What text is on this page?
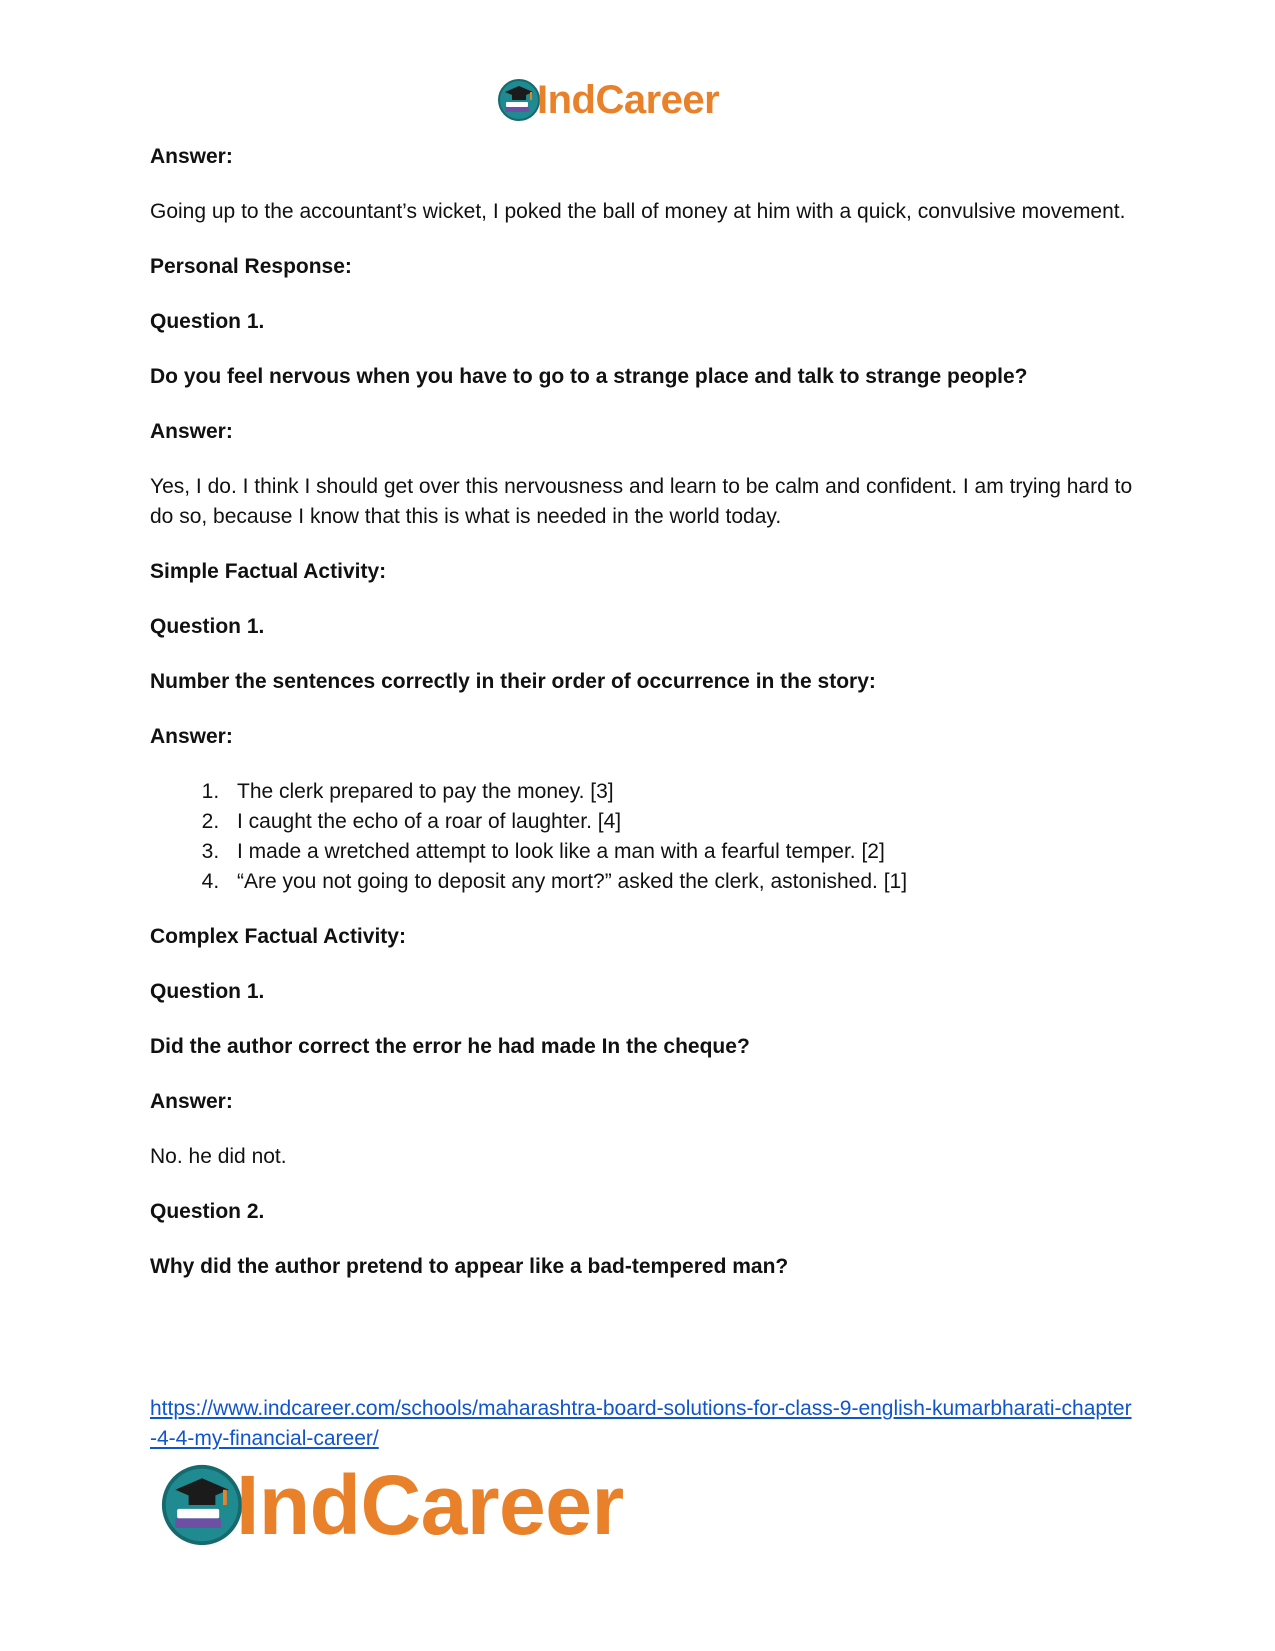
IndCareer

Answer:

Going up to the accountant’s wicket, I poked the ball of money at him with a quick, convulsive movement.

Personal Response:

Question 1.

Do you feel nervous when you have to go to a strange place and talk to strange people?

Answer:

Yes, I do. I think I should get over this nervousness and learn to be calm and confident. I am trying hard to do so, because I know that this is what is needed in the world today.

Simple Factual Activity:

Question 1.

Number the sentences correctly in their order of occurrence in the story:

Answer:

1. The clerk prepared to pay the money. [3]
2. I caught the echo of a roar of laughter. [4]
3. I made a wretched attempt to look like a man with a fearful temper. [2]
4. “Are you not going to deposit any mort?” asked the clerk, astonished. [1]

Complex Factual Activity:

Question 1.

Did the author correct the error he had made In the cheque?

Answer:

No. he did not.

Question 2.

Why did the author pretend to appear like a bad-tempered man?

https://www.indcareer.com/schools/maharashtra-board-solutions-for-class-9-english-kumarbharati-chapter-4-4-my-financial-career/
IndCareer
